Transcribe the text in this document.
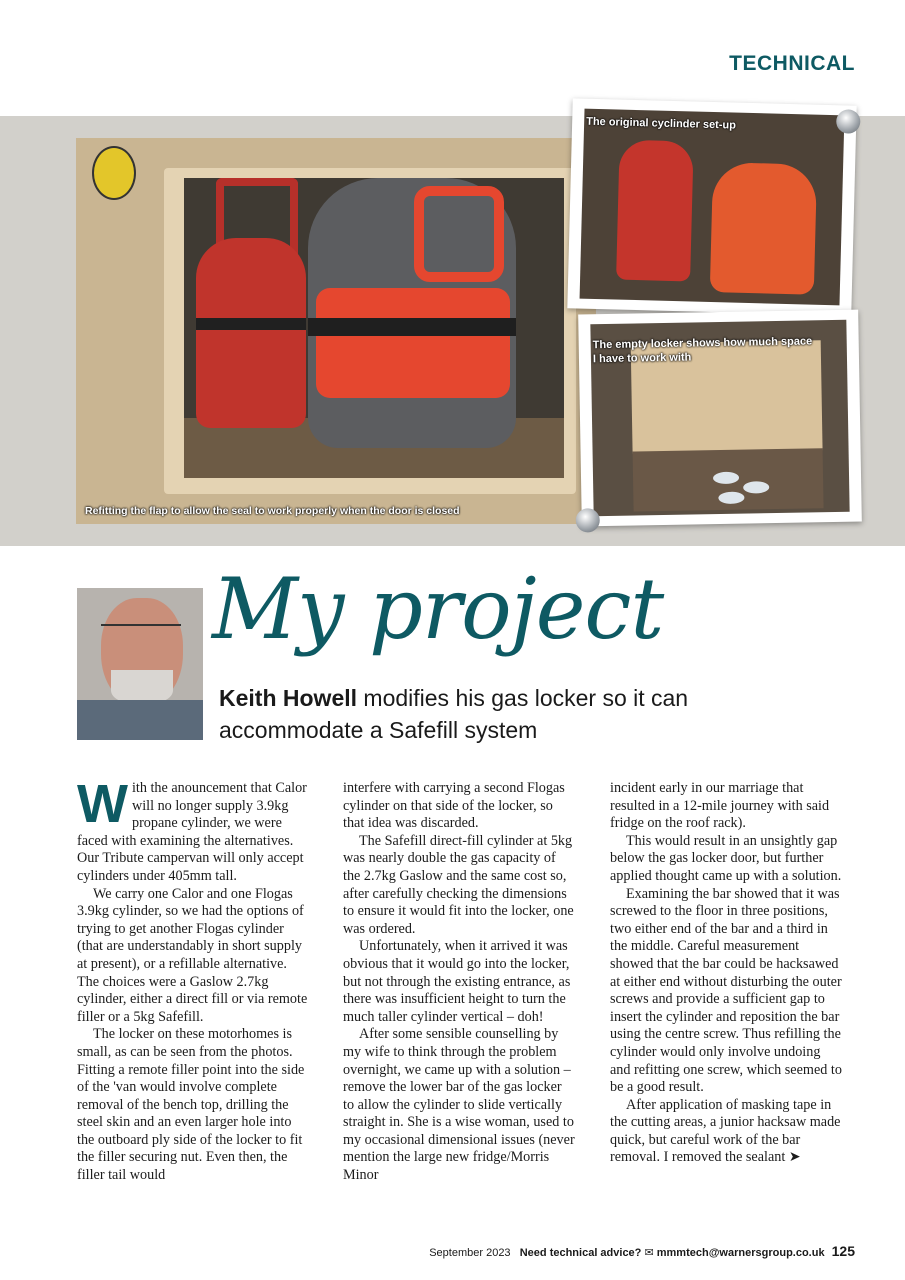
TECHNICAL
Refitting the flap to allow the seal to work properly when the door is closed
The original cyclinder set-up
The empty locker shows how much space I have to work with
My project
Keith Howell modifies his gas locker so it can accommodate a Safefill system

With the anouncement that Calor will no longer supply 3.9kg propane cylinder, we were faced with examining the alternatives. Our Tribute campervan will only accept cylinders under 405mm tall.

We carry one Calor and one Flogas 3.9kg cylinder, so we had the options of trying to get another Flogas cylinder (that are understandably in short supply at present), or a refillable alternative. The choices were a Gaslow 2.7kg cylinder, either a direct fill or via remote filler or a 5kg Safefill.

The locker on these motorhomes is small, as can be seen from the photos. Fitting a remote filler point into the side of the 'van would involve complete removal of the bench top, drilling the steel skin and an even larger hole into the outboard ply side of the locker to fit the filler securing nut. Even then, the filler tail would

interfere with carrying a second Flogas cylinder on that side of the locker, so that idea was discarded.

The Safefill direct-fill cylinder at 5kg was nearly double the gas capacity of the 2.7kg Gaslow and the same cost so, after carefully checking the dimensions to ensure it would fit into the locker, one was ordered.

Unfortunately, when it arrived it was obvious that it would go into the locker, but not through the existing entrance, as there was insufficient height to turn the much taller cylinder vertical – doh!

After some sensible counselling by my wife to think through the problem overnight, we came up with a solution – remove the lower bar of the gas locker to allow the cylinder to slide vertically straight in. She is a wise woman, used to my occasional dimensional issues (never mention the large new fridge/Morris Minor

incident early in our marriage that resulted in a 12-mile journey with said fridge on the roof rack).

This would result in an unsightly gap below the gas locker door, but further applied thought came up with a solution.

Examining the bar showed that it was screwed to the floor in three positions, two either end of the bar and a third in the middle. Careful measurement showed that the bar could be hacksawed at either end without disturbing the outer screws and provide a sufficient gap to insert the cylinder and reposition the bar using the centre screw. Thus refilling the cylinder would only involve undoing and refitting one screw, which seemed to be a good result.

After application of masking tape in the cutting areas, a junior hacksaw made quick, but careful work of the bar removal. I removed the sealant ➤

September 2023 Need technical advice? ✉ mmmtech@warnersgroup.co.uk 125
